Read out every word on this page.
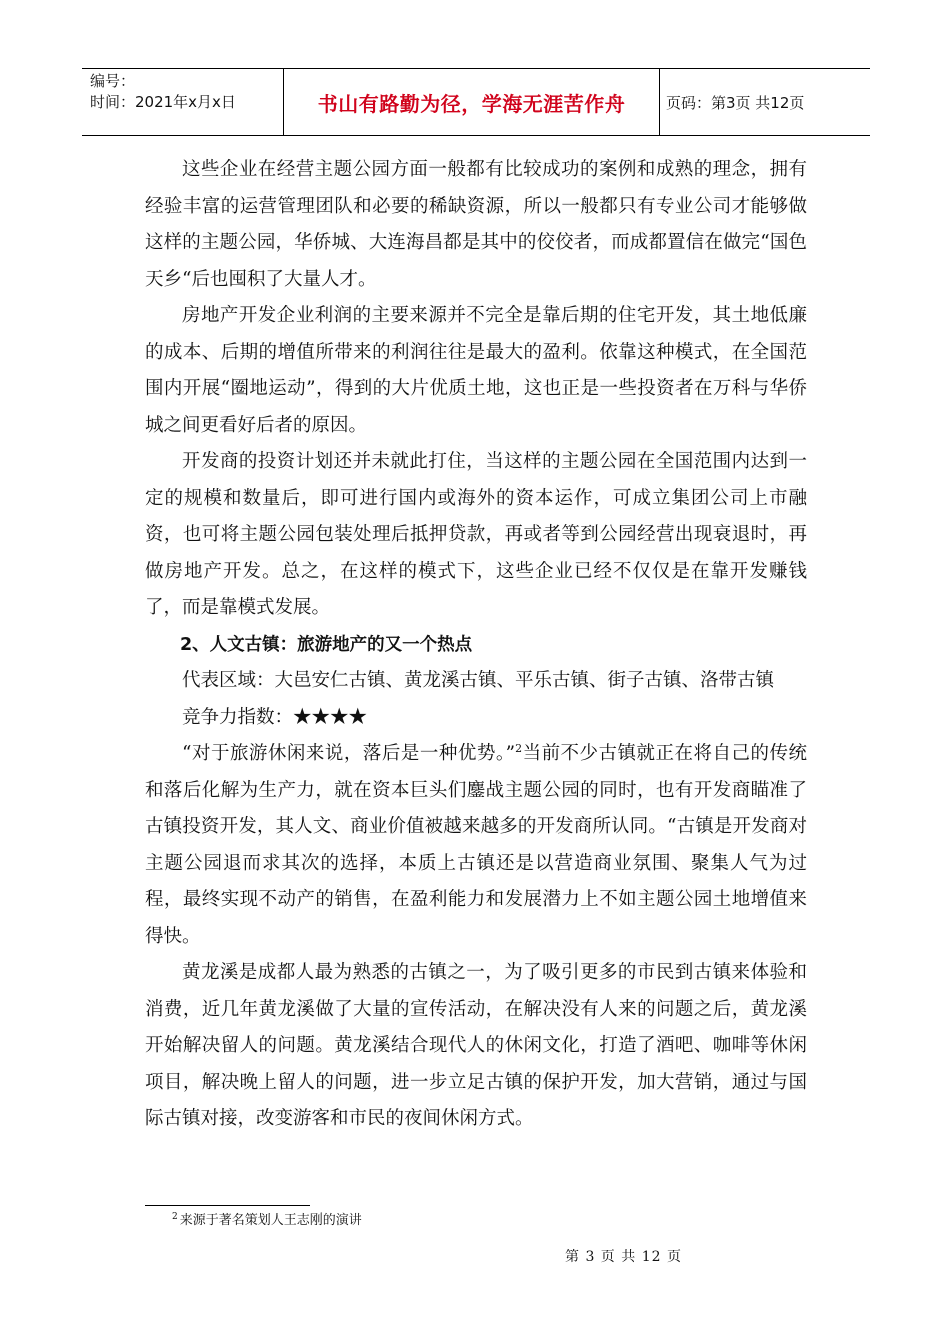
编号：
时间：2021年x月x日	书山有路勤为径，学海无涯苦作舟	页码：第3页 共12页

这些企业在经营主题公园方面一般都有比较成功的案例和成熟的理念，拥有经验丰富的运营管理团队和必要的稀缺资源，所以一般都只有专业公司才能够做这样的主题公园，华侨城、大连海昌都是其中的佼佼者，而成都置信在做完“国色天乡“后也囤积了大量人才。

房地产开发企业利润的主要来源并不完全是靠后期的住宅开发，其土地低廉的成本、后期的增值所带来的利润往往是最大的盈利。依靠这种模式，在全国范围内开展“圈地运动”，得到的大片优质土地，这也正是一些投资者在万科与华侨城之间更看好后者的原因。

开发商的投资计划还并未就此打住，当这样的主题公园在全国范围内达到一定的规模和数量后，即可进行国内或海外的资本运作，可成立集团公司上市融资，也可将主题公园包装处理后抵押贷款，再或者等到公园经营出现衰退时，再做房地产开发。总之，在这样的模式下，这些企业已经不仅仅是在靠开发赚钱了，而是靠模式发展。

2、人文古镇：旅游地产的又一个热点

代表区域：大邑安仁古镇、黄龙溪古镇、平乐古镇、街子古镇、洛带古镇

竞争力指数：★★★★

“对于旅游休闲来说，落后是一种优势。”$^2$当前不少古镇就正在将自己的传统和落后化解为生产力，就在资本巨头们鏖战主题公园的同时，也有开发商瞄准了古镇投资开发，其人文、商业价值被越来越多的开发商所认同。“古镇是开发商对主题公园退而求其次的选择，本质上古镇还是以营造商业氛围、聚集人气为过程，最终实现不动产的销售，在盈利能力和发展潜力上不如主题公园土地增值来得快。

黄龙溪是成都人最为熟悉的古镇之一，为了吸引更多的市民到古镇来体验和消费，近几年黄龙溪做了大量的宣传活动，在解决没有人来的问题之后，黄龙溪开始解决留人的问题。黄龙溪结合现代人的休闲文化，打造了酒吧、咖啡等休闲项目，解决晚上留人的问题，进一步立足古镇的保护开发，加大营销，通过与国际古镇对接，改变游客和市民的夜间休闲方式。

$^2$ 来源于著名策划人王志刚的演讲
第 3 页 共 12 页
